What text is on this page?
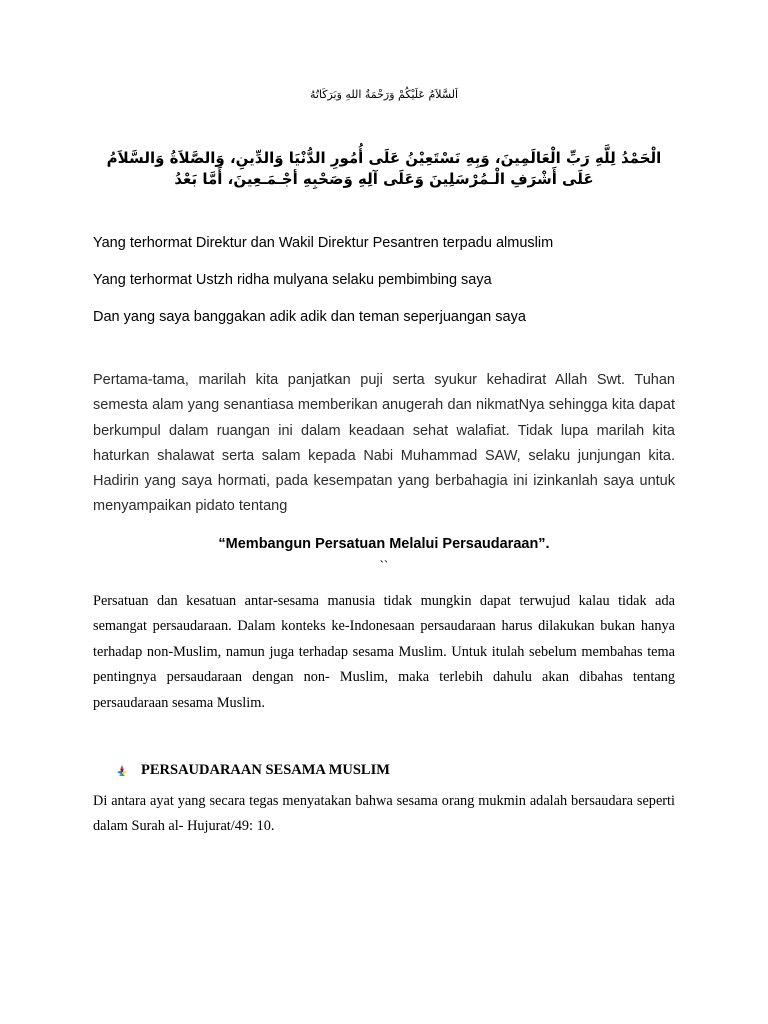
اَلسَّلاَمُ عَلَيْكُمْ وَرَحْمَةُ اللهِ وَبَرَكَاتُهُ
الْحَمْدُ لِلَّهِ رَبِّ الْعَالَمِينَ، وَبِهِ نَسْتَعِيْنُ عَلَى أُمُورِ الدُّنْيَا وَالدِّينِ، وَالصَّلاَةُ وَالسَّلاَمُ عَلَى أَشْرَفِ الْـمُرْسَلِينَ وَعَلَى آلِهِ وَصَحْبِهِ أجْـمَـعِينَ، أَمَّا بَعْدُ
Yang terhormat Direktur dan Wakil Direktur Pesantren terpadu almuslim
Yang terhormat Ustzh ridha mulyana selaku pembimbing saya
Dan yang saya banggakan adik adik dan teman seperjuangan saya
Pertama-tama, marilah kita panjatkan puji serta syukur kehadirat Allah Swt. Tuhan semesta alam yang senantiasa memberikan anugerah dan nikmatNya sehingga kita dapat berkumpul dalam ruangan ini dalam keadaan sehat walafiat. Tidak lupa marilah kita haturkan shalawat serta salam kepada Nabi Muhammad SAW, selaku junjungan kita. Hadirin yang saya hormati, pada kesempatan yang berbahagia ini izinkanlah saya untuk menyampaikan pidato tentang
“Membangun Persatuan Melalui Persaudaraan”.
``
Persatuan dan kesatuan antar-sesama manusia tidak mungkin dapat terwujud kalau tidak ada semangat persaudaraan. Dalam konteks ke-Indonesaan persaudaraan harus dilakukan bukan hanya terhadap non-Muslim, namun juga terhadap sesama Muslim. Untuk itulah sebelum membahas tema pentingnya persaudaraan dengan non- Muslim, maka terlebih dahulu akan dibahas tentang persaudaraan sesama Muslim.
PERSAUDARAAN SESAMA MUSLIM
Di antara ayat yang secara tegas menyatakan bahwa sesama orang mukmin adalah bersaudara seperti dalam Surah al- Hujurat/49: 10.
